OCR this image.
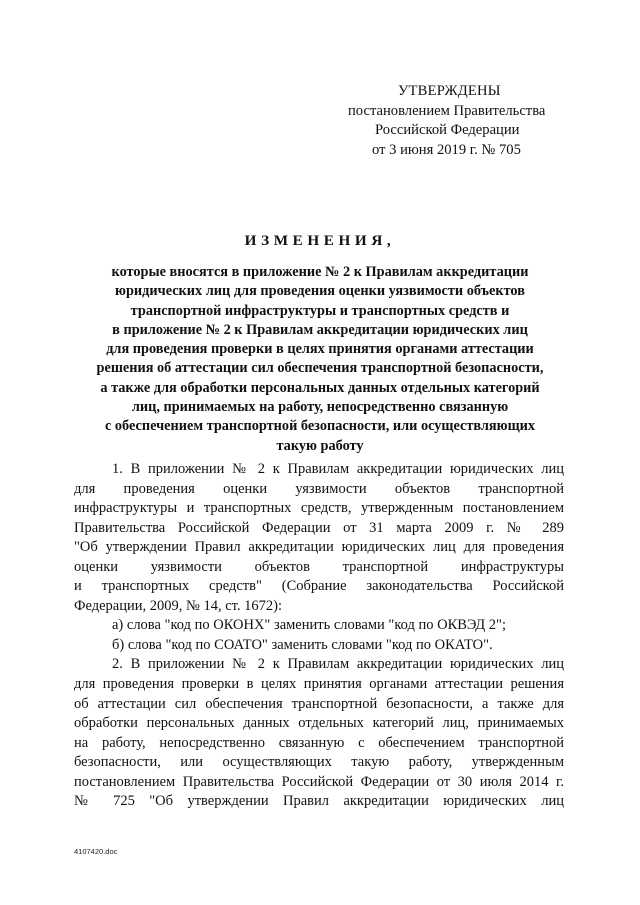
УТВЕРЖДЕНЫ
постановлением Правительства
Российской Федерации
от 3 июня 2019 г. № 705
ИЗМЕНЕНИЯ,
которые вносятся в приложение № 2 к Правилам аккредитации
юридических лиц для проведения оценки уязвимости объектов
транспортной инфраструктуры и транспортных средств и
в приложение № 2 к Правилам аккредитации юридических лиц
для проведения проверки в целях принятия органами аттестации
решения об аттестации сил обеспечения транспортной безопасности,
а также для обработки персональных данных отдельных категорий
лиц, принимаемых на работу, непосредственно связанную
с обеспечением транспортной безопасности, или осуществляющих
такую работу
1. В приложении № 2 к Правилам аккредитации юридических лиц
для проведения оценки уязвимости объектов транспортной
инфраструктуры и транспортных средств, утвержденным постановлением
Правительства Российской Федерации от 31 марта 2009 г. № 289
"Об утверждении Правил аккредитации юридических лиц для проведения
оценки уязвимости объектов транспортной инфраструктуры
и транспортных средств" (Собрание законодательства Российской
Федерации, 2009, № 14, ст. 1672):
а) слова "код по ОКОНХ" заменить словами "код по ОКВЭД 2";
б) слова "код по СОАТО" заменить словами "код по ОКАТО".
2. В приложении № 2 к Правилам аккредитации юридических лиц
для проведения проверки в целях принятия органами аттестации решения
об аттестации сил обеспечения транспортной безопасности, а также для
обработки персональных данных отдельных категорий лиц, принимаемых
на работу, непосредственно связанную с обеспечением транспортной
безопасности, или осуществляющих такую работу, утвержденным
постановлением Правительства Российской Федерации от 30 июля 2014 г.
№ 725 "Об утверждении Правил аккредитации юридических лиц
4107420.doc
